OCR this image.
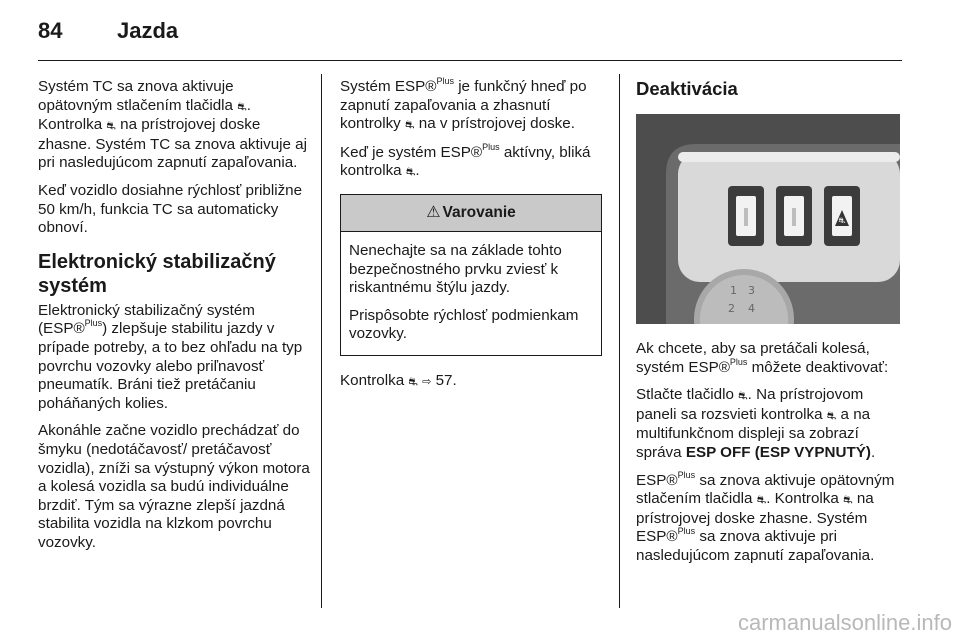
84 Jazda

Systém TC sa znova aktivuje opätovným stlačením tlačidla ⛐. Kontrolka ⛐ na prístrojovej doske zhasne. Systém TC sa znova aktivuje aj pri nasledujúcom zapnutí zapaľovania.

Keď vozidlo dosiahne rýchlosť približne 50 km/h, funkcia TC sa automaticky obnoví.

Elektronický stabilizačný systém

Elektronický stabilizačný systém (ESP®$^{Plus}$) zlepšuje stabilitu jazdy v prípade potreby, a to bez ohľadu na typ povrchu vozovky alebo priľnavosť pneumatík. Bráni tiež pretáčaniu poháňaných kolies.

Akonáhle začne vozidlo prechádzať do šmyku (nedotáčavosť/ pretáčavosť vozidla), zníži sa výstupný výkon motora a kolesá vozidla sa budú individuálne brzdiť. Tým sa výrazne zlepší jazdná stabilita vozidla na klzkom povrchu vozovky.

Systém ESP®$^{Plus}$ je funkčný hneď po zapnutí zapaľovania a zhasnutí kontrolky ⛐ na v prístrojovej doske.

Keď je systém ESP®$^{Plus}$ aktívny, bliká kontrolka ⛐.

⚠ Varovanie

Nenechajte sa na základe tohto bezpečnostného prvku zviesť k riskantnému štýlu jazdy.

Prispôsobte rýchlosť podmienkam vozovky.

Kontrolka ⛐ ⇨ 57.

Deaktivácia
⛐
1 3
2 4

Ak chcete, aby sa pretáčali kolesá, systém ESP®$^{Plus}$ môžete deaktivovať:

Stlačte tlačidlo ⛐. Na prístrojovom paneli sa rozsvieti kontrolka ⛐ a na multifunkčnom displeji sa zobrazí správa ESP OFF (ESP VYPNUTÝ).

ESP®$^{Plus}$ sa znova aktivuje opätovným stlačením tlačidla ⛐. Kontrolka ⛐ na prístrojovej doske zhasne. Systém ESP®$^{Plus}$ sa znova aktivuje pri nasledujúcom zapnutí zapaľovania.

carmanualsonline.info
